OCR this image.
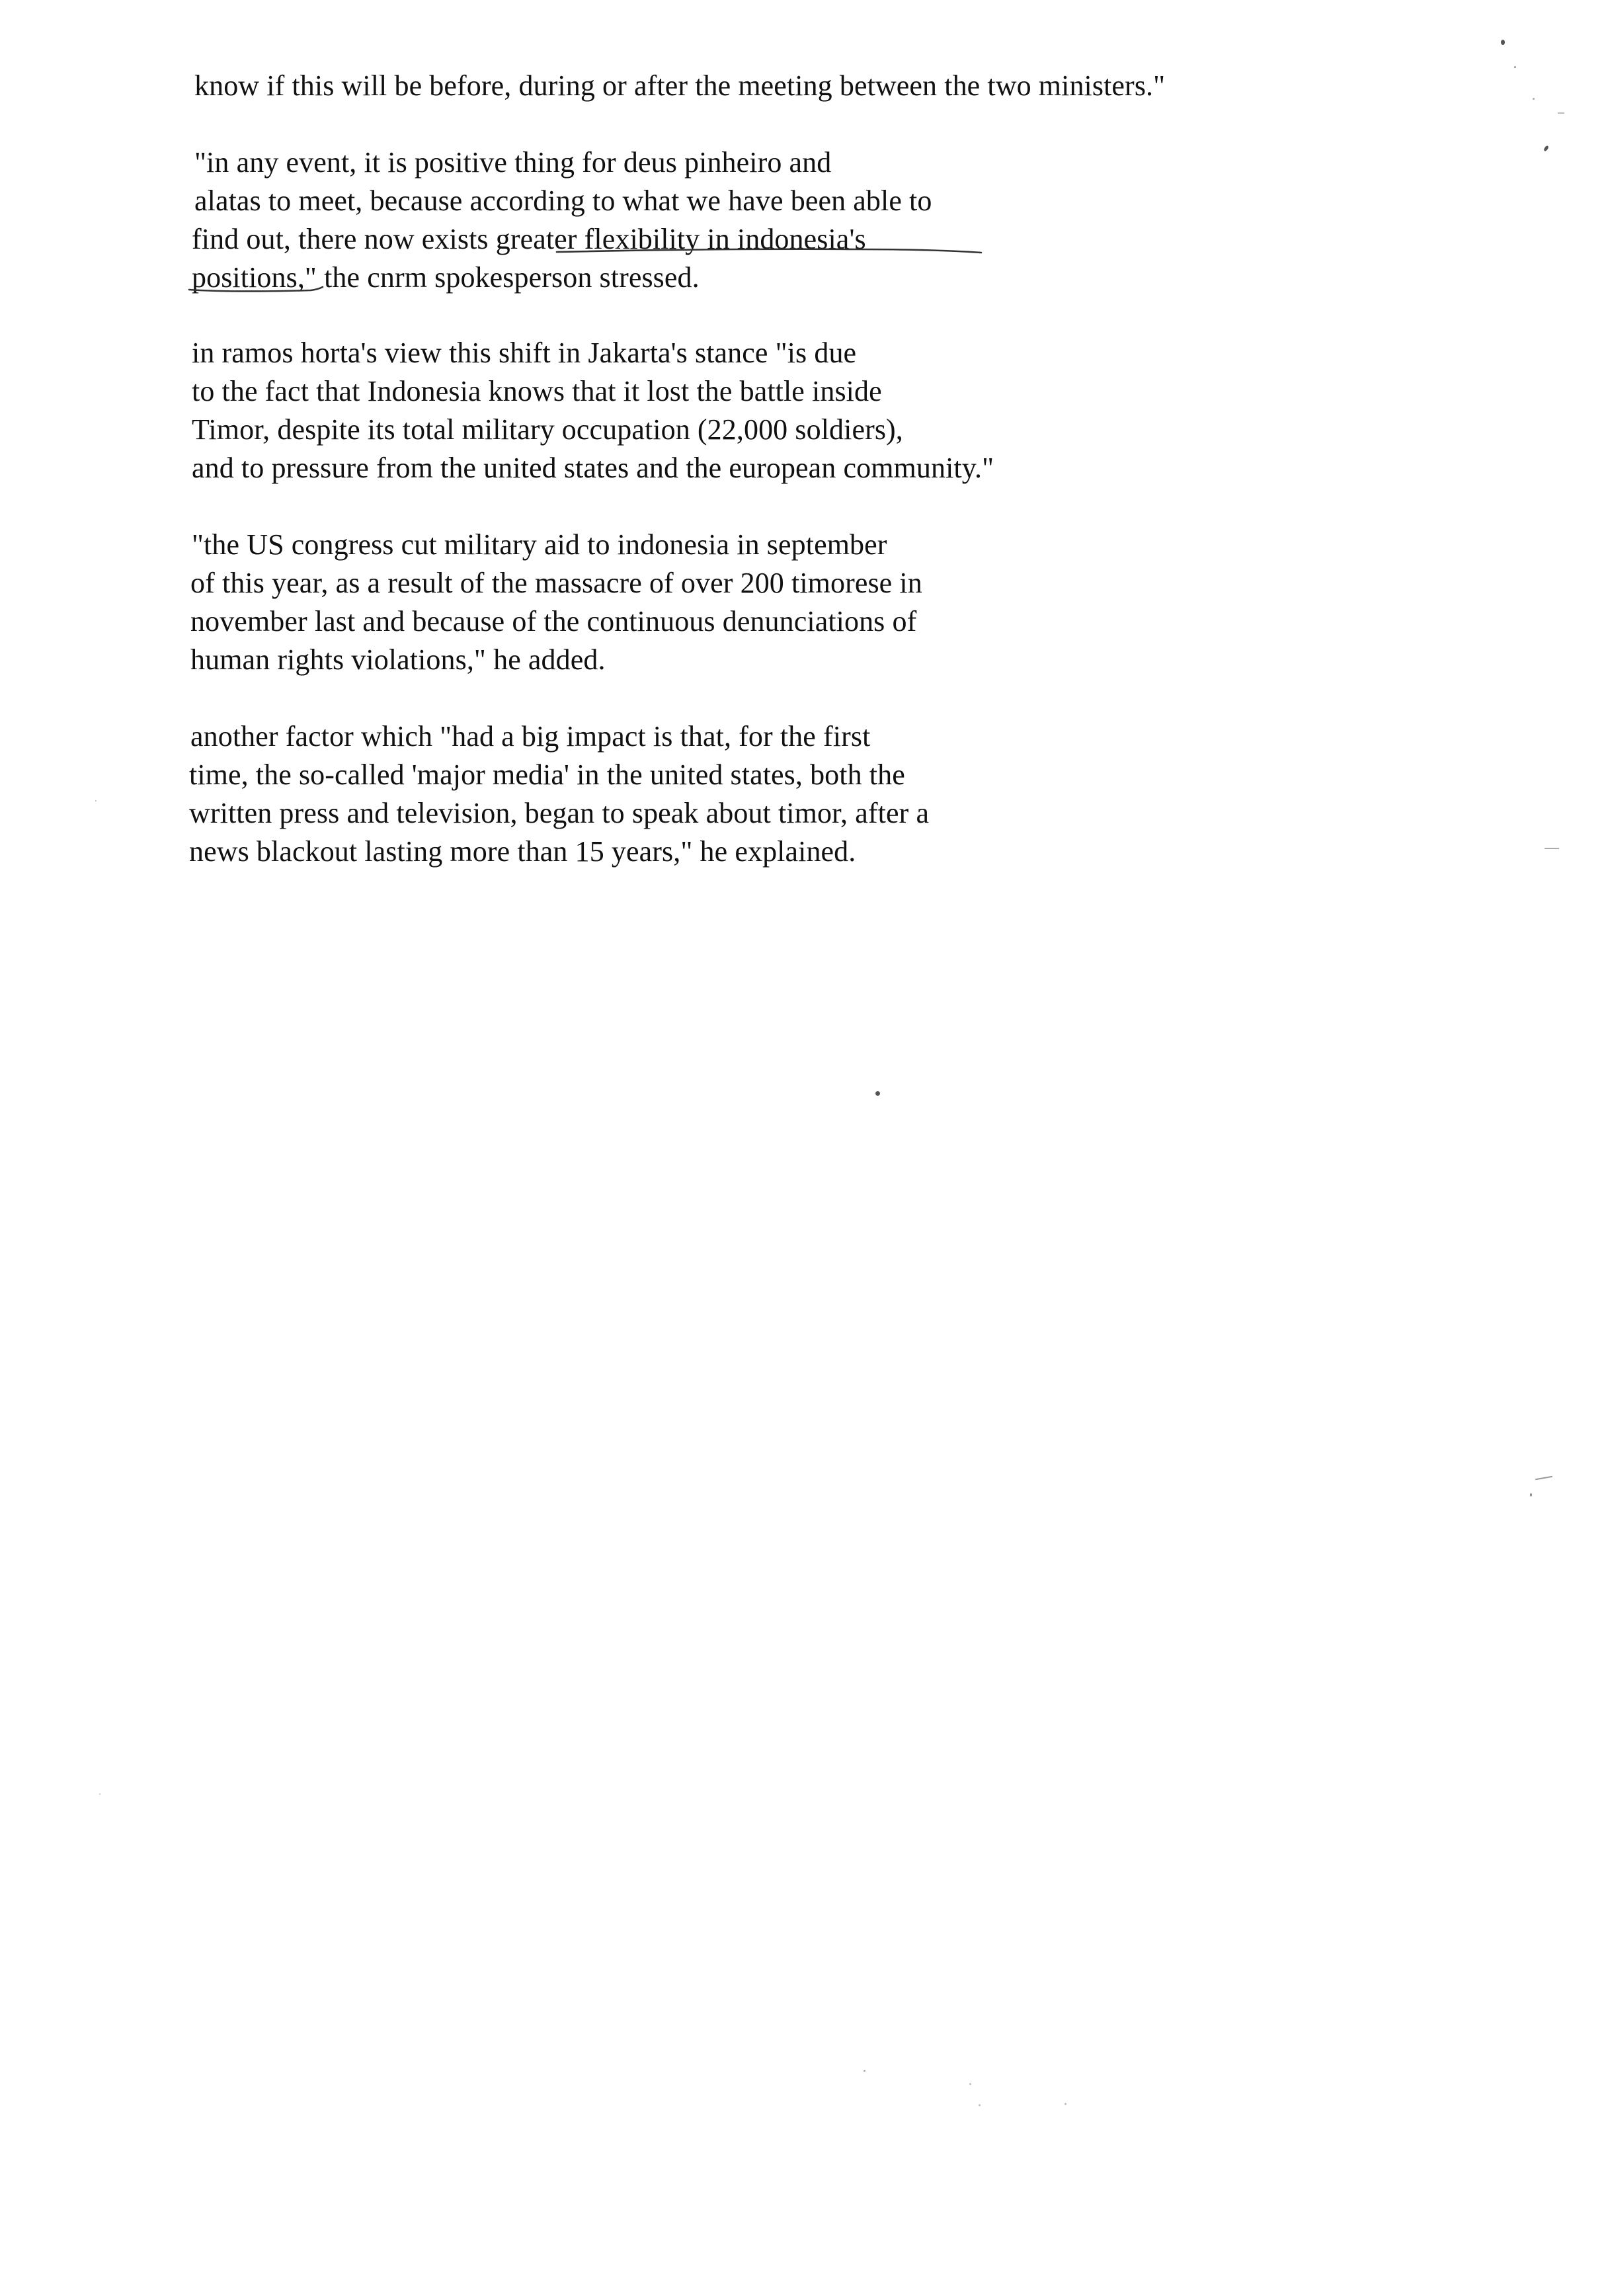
know if this will be before, during or after the meeting between the two ministers."
"in any event, it is positive thing for deus pinheiro and
alatas to meet, because according to what we have been able to
find out, there now exists greater flexibility in indonesia's
positions," the cnrm spokesperson stressed.
in ramos horta's view this shift in Jakarta's stance "is due
to the fact that Indonesia knows that it lost the battle inside
Timor, despite its total military occupation (22,000 soldiers),
and to pressure from the united states and the european community."
"the US congress cut military aid to indonesia in september
of this year, as a result of the massacre of over 200 timorese in
november last and because of the continuous denunciations of
human rights violations," he added.
another factor which "had a big impact is that, for the first
time, the so-called 'major media' in the united states, both the
written press and television, began to speak about timor, after a
news blackout lasting more than 15 years," he explained.
